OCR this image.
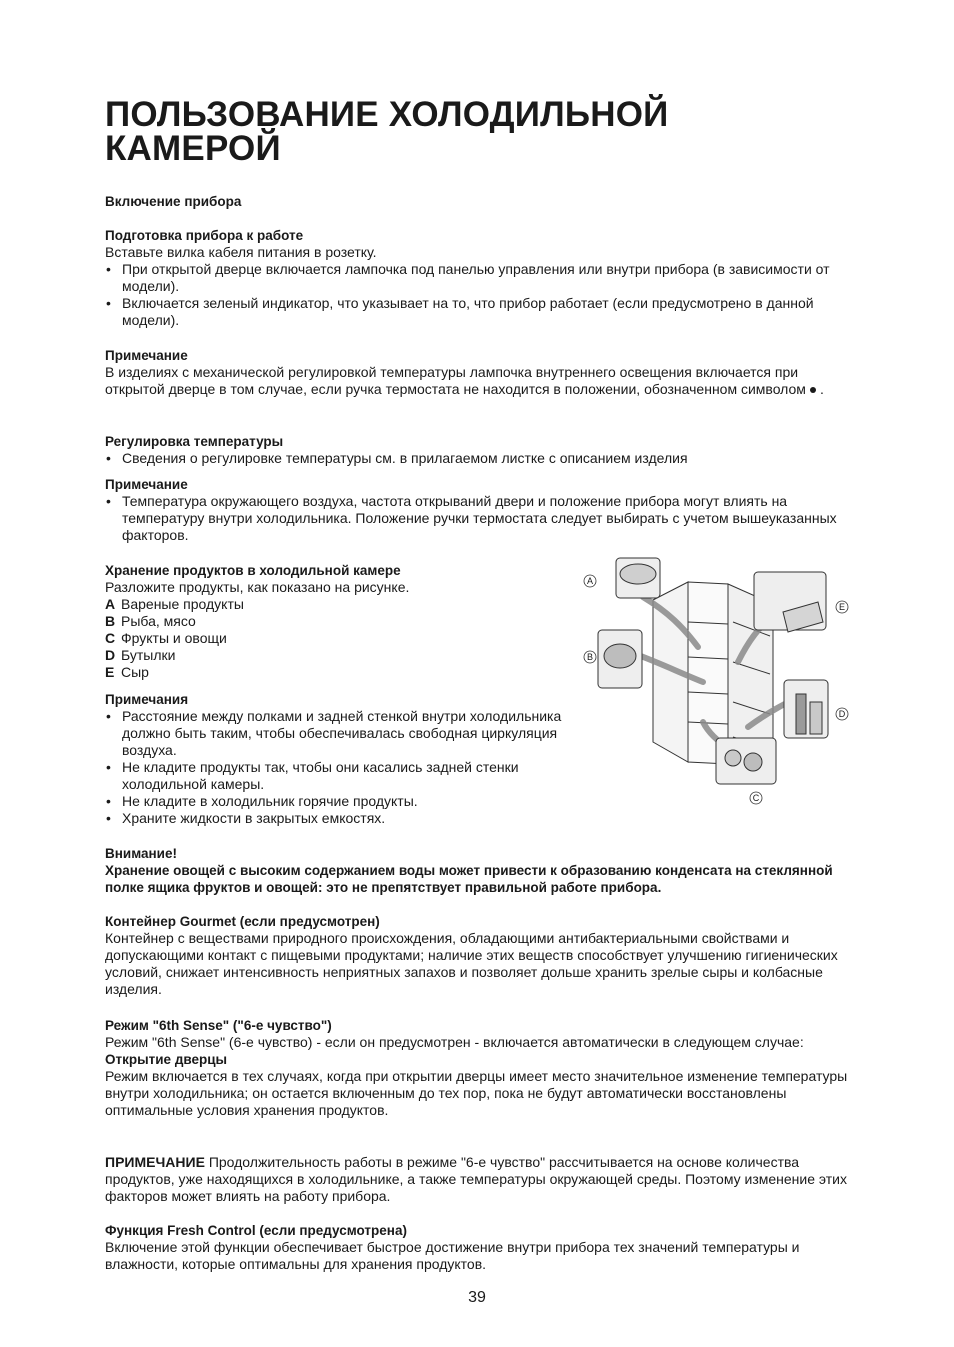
ПОЛЬЗОВАНИЕ ХОЛОДИЛЬНОЙ КАМЕРОЙ
Включение прибора
Подготовка прибора к работе
Вставьте вилка кабеля питания в розетку.
• При открытой дверце включается лампочка под панелью управления или внутри прибора (в зависимости от модели).
• Включается зеленый индикатор, что указывает на то, что прибор работает (если предусмотрено в данной модели).
Примечание
В изделиях с механической регулировкой температуры лампочка внутреннего освещения включается при открытой дверце в том случае, если ручка термостата не находится в положении, обозначенном символом .
Регулировка температуры
• Сведения о регулировке температуры см. в прилагаемом листке с описанием изделия
Примечание
• Температура окружающего воздуха, частота открываний двери и положение прибора могут влиять на температуру внутри холодильника. Положение ручки термостата следует выбирать с учетом вышеуказанных факторов.
Хранение продуктов в холодильной камере
Разложите продукты, как показано на рисунке.
A Вареные продукты
B Рыба, мясо
C Фрукты и овощи
D Бутылки
E Сыр
Примечания
• Расстояние между полками и задней стенкой внутри холодильника должно быть таким, чтобы обеспечивалась свободная циркуляция воздуха.
• Не кладите продукты так, чтобы они касались задней стенки холодильной камеры.
• Не кладите в холодильник горячие продукты.
• Храните жидкости в закрытых емкостях.
A
B
C
D
E
Внимание!
Хранение овощей с высоким содержанием воды может привести к образованию конденсата на стеклянной полке ящика фруктов и овощей: это не препятствует правильной работе прибора.
Контейнер Gourmet (если предусмотрен)
Контейнер с веществами природного происхождения, обладающими антибактериальными свойствами и допускающими контакт с пищевыми продуктами; наличие этих веществ способствует улучшению гигиенических условий, снижает интенсивность неприятных запахов и позволяет дольше хранить зрелые сыры и колбасные изделия.
Режим "6th Sense" ("6-е чувство")
Режим "6th Sense" (6-е чувство) - если он предусмотрен - включается автоматически в следующем случае:
Открытие дверцы
Режим включается в тех случаях, когда при открытии дверцы имеет место значительное изменение температуры внутри холодильника; он остается включенным до тех пор, пока не будут автоматически восстановлены оптимальные условия хранения продуктов.
ПРИМЕЧАНИЕ Продолжительность работы в режиме "6-е чувство" рассчитывается на основе количества продуктов, уже находящихся в холодильнике, а также температуры окружающей среды. Поэтому изменение этих факторов может влиять на работу прибора.
Функция Fresh Control (если предусмотрена)
Включение этой функции обеспечивает быстрое достижение внутри прибора тех значений температуры и влажности, которые оптимальны для хранения продуктов.
39
